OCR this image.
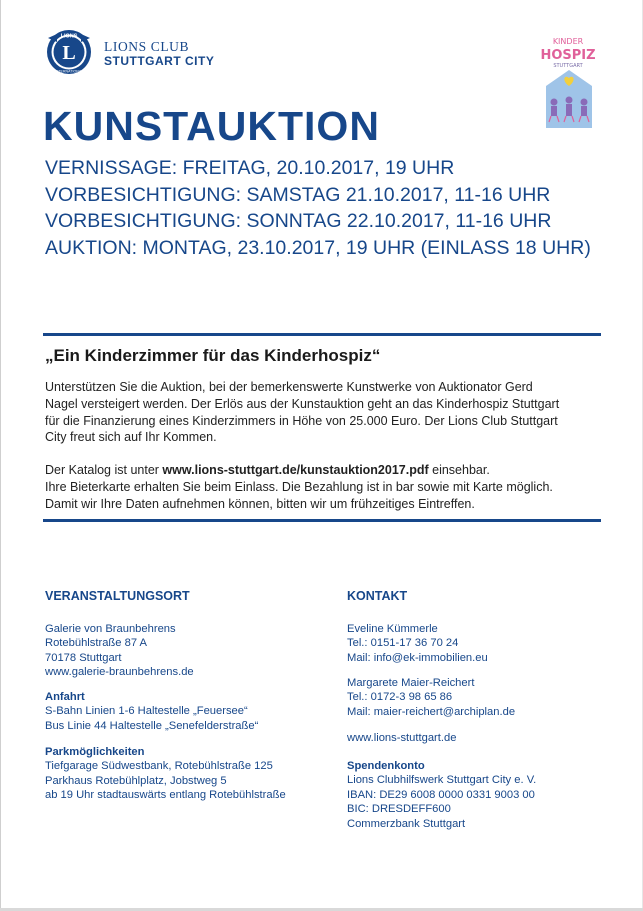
LIONS
INTERNATIONAL
L LIONS CLUB
STUTTGART CITY
KINDER
HOSPIZ
STUTTGART
KUNSTAUKTION
VERNISSAGE: FREITAG, 20.10.2017, 19 UHR
VORBESICHTIGUNG: SAMSTAG 21.10.2017, 11-16 UHR
VORBESICHTIGUNG: SONNTAG 22.10.2017, 11-16 UHR
AUKTION: MONTAG, 23.10.2017, 19 UHR (EINLASS 18 UHR)
„Ein Kinderzimmer für das Kinderhospiz“

Unterstützen Sie die Auktion, bei der bemerkenswerte Kunstwerke von Auktionator Gerd
Nagel versteigert werden. Der Erlös aus der Kunstauktion geht an das Kinderhospiz Stuttgart
für die Finanzierung eines Kinderzimmers in Höhe von 25.000 Euro. Der Lions Club Stuttgart
City freut sich auf Ihr Kommen.

Der Katalog ist unter www.lions-stuttgart.de/kunstauktion2017.pdf einsehbar.
Ihre Bieterkarte erhalten Sie beim Einlass. Die Bezahlung ist in bar sowie mit Karte möglich.
Damit wir Ihre Daten aufnehmen können, bitten wir um frühzeitiges Eintreffen.

VERANSTALTUNGSORT	KONTAKT
Galerie von Braunbehrens
Rotebühlstraße 87 A
70178 Stuttgart
www.galerie-braunbehrens.de
Anfahrt
S-Bahn Linien 1-6 Haltestelle „Feuersee“
Bus Linie 44 Haltestelle „Senefelderstraße“
Parkmöglichkeiten
Tiefgarage Südwestbank, Rotebühlstraße 125
Parkhaus Rotebühlplatz, Jobstweg 5
ab 19 Uhr stadtauswärts entlang Rotebühlstraße
Eveline Kümmerle
Tel.: 0151-17 36 70 24
Mail: info@ek-immobilien.eu
Margarete Maier-Reichert
Tel.: 0172-3 98 65 86
Mail: maier-reichert@archiplan.de
www.lions-stuttgart.de
Spendenkonto
Lions Clubhilfswerk Stuttgart City e. V.
IBAN: DE29 6008 0000 0331 9003 00
BIC: DRESDEFF600
Commerzbank Stuttgart
